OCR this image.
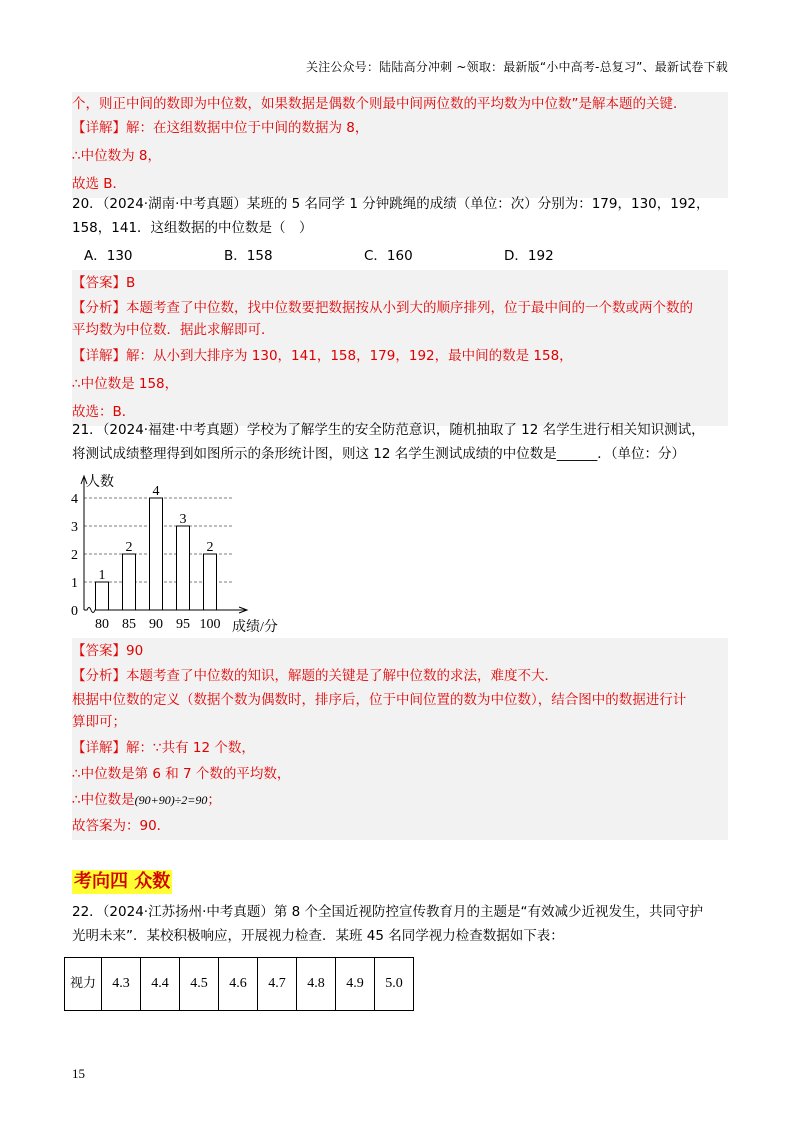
关注公众号：陆陆高分冲刺 ~领取：最新版“小中高考-总复习”、最新试卷下载
个，则正中间的数即为中位数，如果数据是偶数个则最中间两位数的平均数为中位数”是解本题的关键．
【详解】解：在这组数据中位于中间的数据为 8，
∴中位数为 8，
故选 B．
20．（2024·湖南·中考真题）某班的 5 名同学 1 分钟跳绳的成绩（单位：次）分别为：179，130，192，
158，141．这组数据的中位数是（　）
A．130	B．158	C．160	D．192
【答案】B
【分析】本题考查了中位数，找中位数要把数据按从小到大的顺序排列，位于最中间的一个数或两个数的
平均数为中位数．据此求解即可．
【详解】解：从小到大排序为 130，141，158，179，192，最中间的数是 158，
∴中位数是 158，
故选：B．
21．（2024·福建·中考真题）学校为了解学生的安全防范意识，随机抽取了 12 名学生进行相关知识测试，
将测试成绩整理得到如图所示的条形统计图，则这 12 名学生测试成绩的中位数是______．（单位：分）
0
1
2
3
4
1
80
2
85
4
90
3
95
2
100
人数
成绩/分
【答案】90
【分析】本题考查了中位数的知识，解题的关键是了解中位数的求法，难度不大．
根据中位数的定义（数据个数为偶数时，排序后，位于中间位置的数为中位数），结合图中的数据进行计
算即可；
【详解】解：∵共有 12 个数，
∴中位数是第 6 和 7 个数的平均数，
∴中位数是(90+90)÷2=90；
故答案为：90．
考向四 众数
22．（2024·江苏扬州·中考真题）第 8 个全国近视防控宣传教育月的主题是“有效减少近视发生，共同守护
光明未来”．某校积极响应，开展视力检查．某班 45 名同学视力检查数据如下表：
视力	4.3	4.4	4.5	4.6	4.7	4.8	4.9	5.0
15
